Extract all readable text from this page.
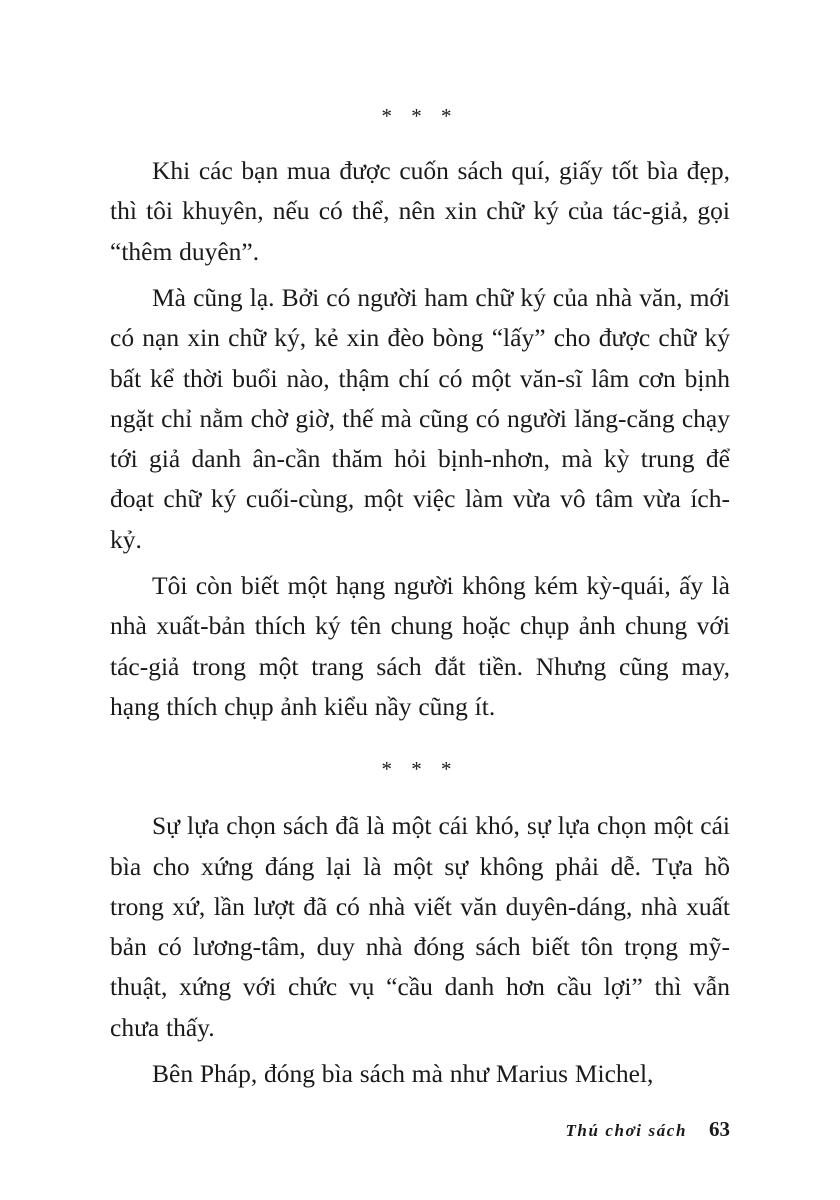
* * *

Khi các bạn mua được cuốn sách quí, giấy tốt bìa đẹp, thì tôi khuyên, nếu có thể, nên xin chữ ký của tác-giả, gọi “thêm duyên”.

Mà cũng lạ. Bởi có người ham chữ ký của nhà văn, mới có nạn xin chữ ký, kẻ xin đèo bòng “lấy” cho được chữ ký bất kể thời buổi nào, thậm chí có một văn-sĩ lâm cơn bịnh ngặt chỉ nằm chờ giờ, thế mà cũng có người lăng-căng chạy tới giả danh ân-cần thăm hỏi bịnh-nhơn, mà kỳ trung để đoạt chữ ký cuối-cùng, một việc làm vừa vô tâm vừa ích-kỷ.

Tôi còn biết một hạng người không kém kỳ-quái, ấy là nhà xuất-bản thích ký tên chung hoặc chụp ảnh chung với tác-giả trong một trang sách đắt tiền. Nhưng cũng may, hạng thích chụp ảnh kiểu nầy cũng ít.

* * *

Sự lựa chọn sách đã là một cái khó, sự lựa chọn một cái bìa cho xứng đáng lại là một sự không phải dễ. Tựa hồ trong xứ, lần lượt đã có nhà viết văn duyên-dáng, nhà xuất bản có lương-tâm, duy nhà đóng sách biết tôn trọng mỹ-thuật, xứng với chức vụ “cầu danh hơn cầu lợi” thì vẫn chưa thấy.

Bên Pháp, đóng bìa sách mà như Marius Michel,

Thú chơi sách 63
